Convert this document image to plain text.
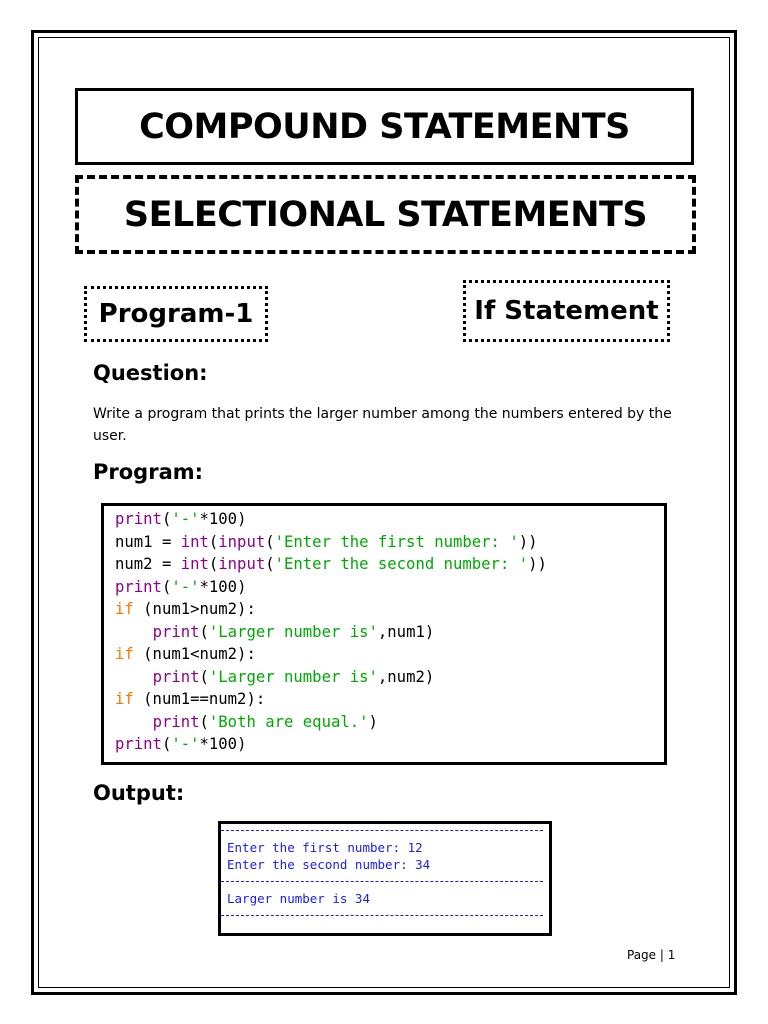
COMPOUND STATEMENTS
SELECTIONAL STATEMENTS
Program-1	If Statement
Question:
Write a program that prints the larger number among the numbers entered by the user.
Program:
print('-'*100)
num1 = int(input('Enter the first number: '))
num2 = int(input('Enter the second number: '))
print('-'*100)
if (num1>num2):
print('Larger number is',num1)
if (num1<num2):
print('Larger number is',num2)
if (num1==num2):
print('Both are equal.')
print('-'*100)
Output:
Enter the first number: 12
Enter the second number: 34
Larger number is 34
Page | 1
